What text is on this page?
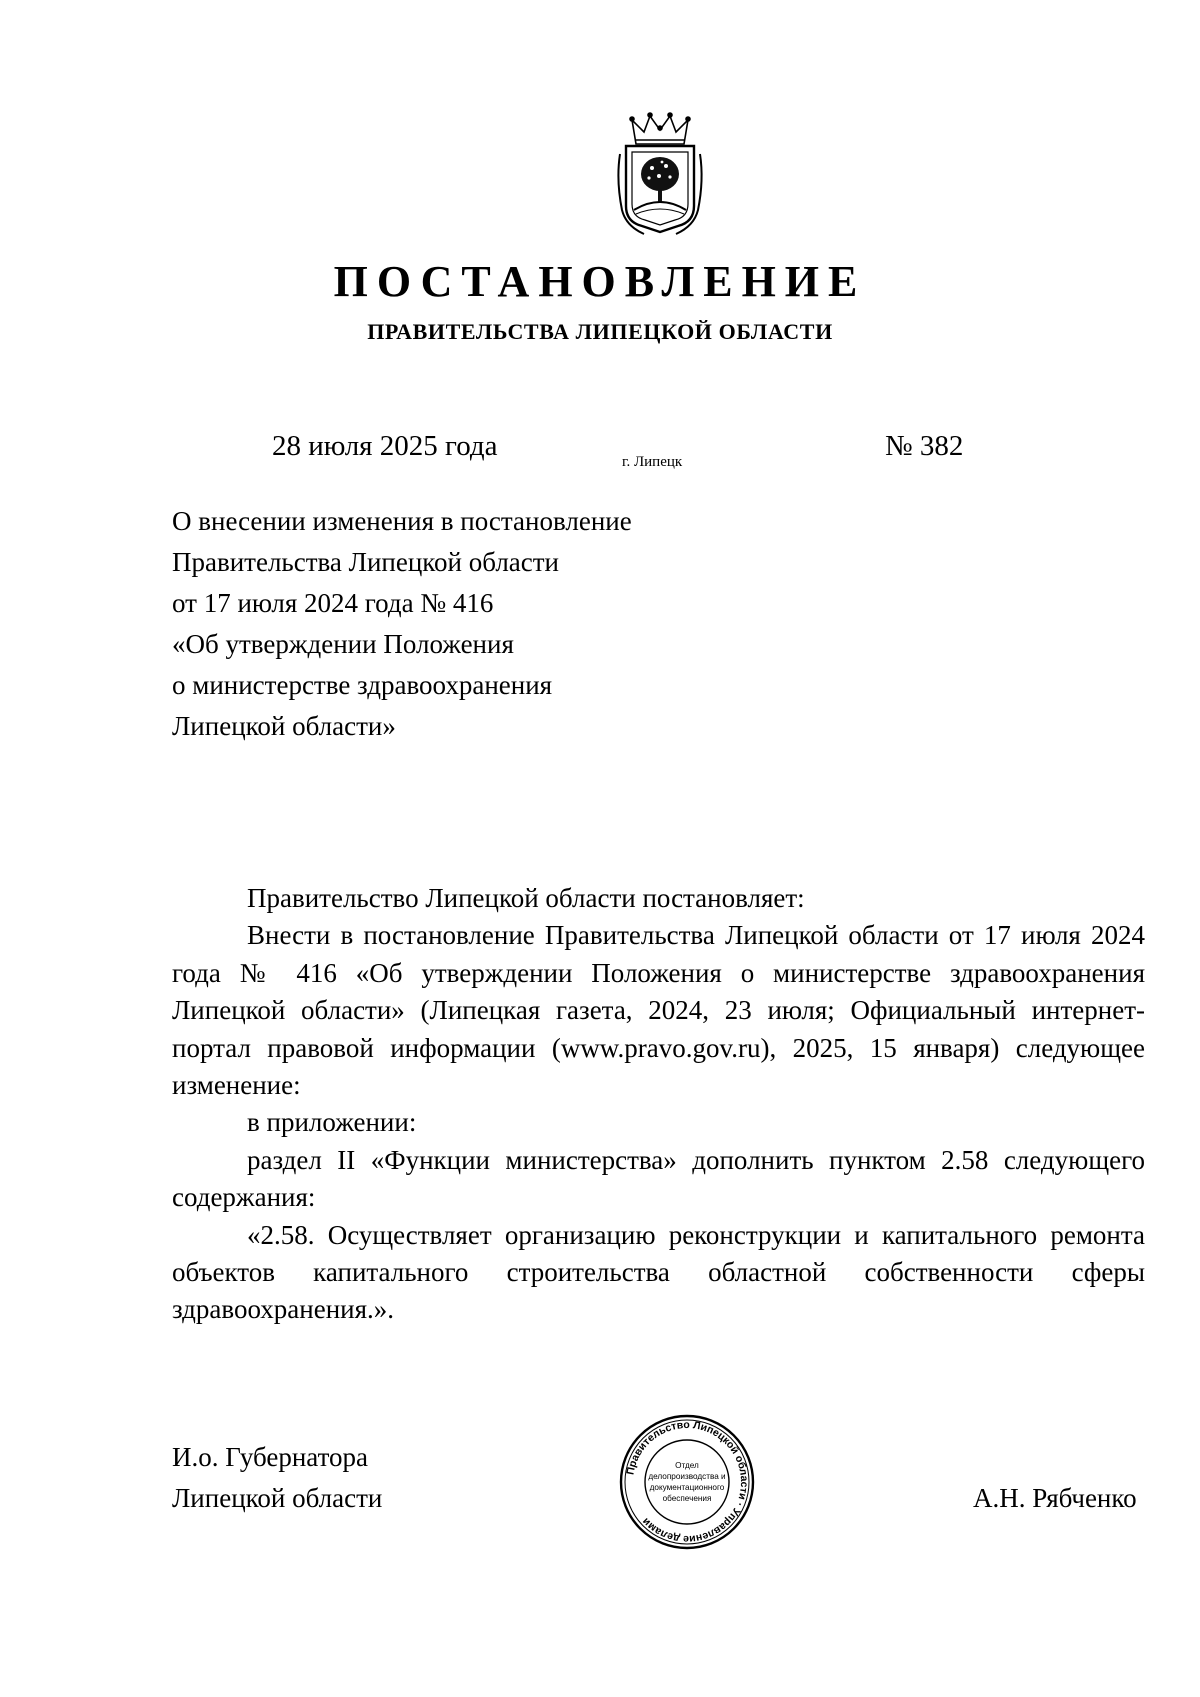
ПОСТАНОВЛЕНИЕ
ПРАВИТЕЛЬСТВА ЛИПЕЦКОЙ ОБЛАСТИ
28 июля 2025 года	г. Липецк	№ 382
О внесении изменения в постановление
Правительства Липецкой области
от 17 июля 2024 года № 416
«Об утверждении Положения
о министерстве здравоохранения
Липецкой области»

Правительство Липецкой области постановляет:

Внести в постановление Правительства Липецкой области от 17 июля 2024 года № 416 «Об утверждении Положения о министерстве здравоохранения Липецкой области» (Липецкая газета, 2024, 23 июля; Официальный интернет-портал правовой информации (www.pravo.gov.ru), 2025, 15 января) следующее изменение:

в приложении:

раздел II «Функции министерства» дополнить пунктом 2.58 следующего содержания:

«2.58. Осуществляет организацию реконструкции и капитального ремонта объектов капитального строительства областной собственности сферы здравоохранения.».

И.о. Губернатора
Липецкой области
Правительство Липецкой области · Управление делами
Отдел
делопроизводства и
документационного
обеспечения	А.Н. Рябченко
